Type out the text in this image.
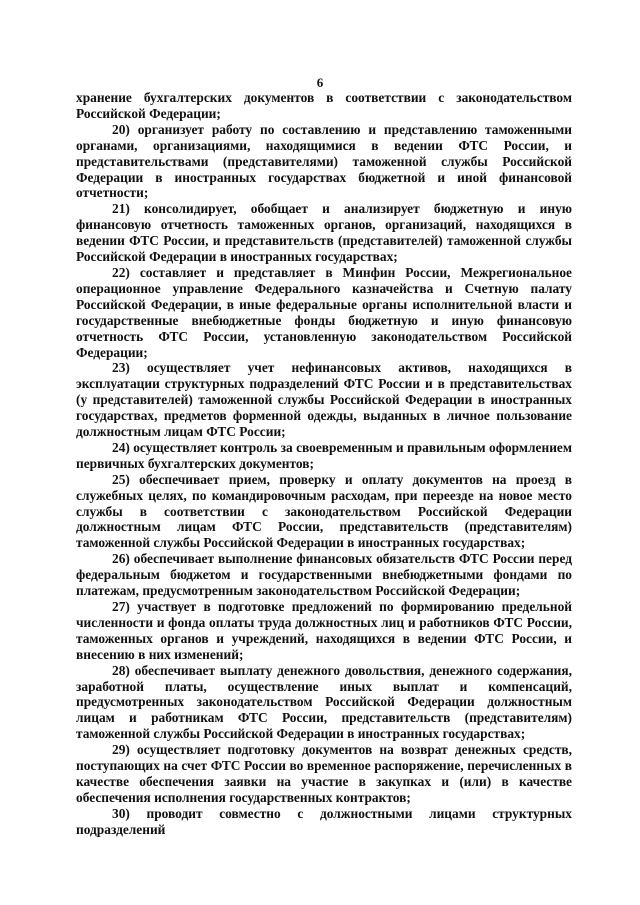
6

хранение бухгалтерских документов в соответствии с законодательством Российской Федерации;

20) организует работу по составлению и представлению таможенными органами, организациями, находящимися в ведении ФТС России, и представительствами (представителями) таможенной службы Российской Федерации в иностранных государствах бюджетной и иной финансовой отчетности;

21) консолидирует, обобщает и анализирует бюджетную и иную финансовую отчетность таможенных органов, организаций, находящихся в ведении ФТС России, и представительств (представителей) таможенной службы Российской Федерации в иностранных государствах;

22) составляет и представляет в Минфин России, Межрегиональное операционное управление Федерального казначейства и Счетную палату Российской Федерации, в иные федеральные органы исполнительной власти и государственные внебюджетные фонды бюджетную и иную финансовую отчетность ФТС России, установленную законодательством Российской Федерации;

23) осуществляет учет нефинансовых активов, находящихся в эксплуатации структурных подразделений ФТС России и в представительствах (у представителей) таможенной службы Российской Федерации в иностранных государствах, предметов форменной одежды, выданных в личное пользование должностным лицам ФТС России;

24) осуществляет контроль за своевременным и правильным оформлением первичных бухгалтерских документов;

25) обеспечивает прием, проверку и оплату документов на проезд в служебных целях, по командировочным расходам, при переезде на новое место службы в соответствии с законодательством Российской Федерации должностным лицам ФТС России, представительств (представителям) таможенной службы Российской Федерации в иностранных государствах;

26) обеспечивает выполнение финансовых обязательств ФТС России перед федеральным бюджетом и государственными внебюджетными фондами по платежам, предусмотренным законодательством Российской Федерации;

27) участвует в подготовке предложений по формированию предельной численности и фонда оплаты труда должностных лиц и работников ФТС России, таможенных органов и учреждений, находящихся в ведении ФТС России, и внесению в них изменений;

28) обеспечивает выплату денежного довольствия, денежного содержания, заработной платы, осуществление иных выплат и компенсаций, предусмотренных законодательством Российской Федерации должностным лицам и работникам ФТС России, представительств (представителям) таможенной службы Российской Федерации в иностранных государствах;

29) осуществляет подготовку документов на возврат денежных средств, поступающих на счет ФТС России во временное распоряжение, перечисленных в качестве обеспечения заявки на участие в закупках и (или) в качестве обеспечения исполнения государственных контрактов;

30) проводит совместно с должностными лицами структурных подразделений
